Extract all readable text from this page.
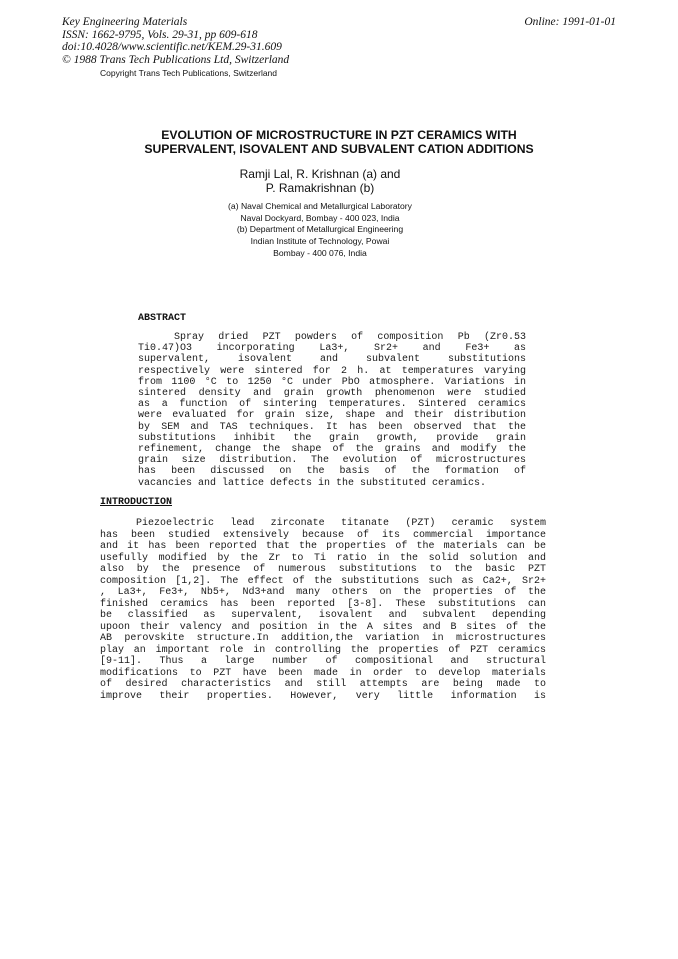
Key Engineering Materials
ISSN: 1662-9795, Vols. 29-31, pp 609-618
doi:10.4028/www.scientific.net/KEM.29-31.609
© 1988 Trans Tech Publications Ltd, Switzerland
Copyright Trans Tech Publications, Switzerland
Online: 1991-01-01
EVOLUTION OF MICROSTRUCTURE IN PZT CERAMICS WITH
SUPERVALENT, ISOVALENT AND SUBVALENT CATION ADDITIONS
Ramji Lal, R. Krishnan (a) and
P. Ramakrishnan (b)
(a) Naval Chemical and Metallurgical Laboratory
Naval Dockyard, Bombay - 400 023, India
(b) Department of Metallurgical Engineering
Indian Institute of Technology, Powai
Bombay - 400 076, India
ABSTRACT
Spray dried PZT powders of composition Pb (Zr0.53
Ti0.47)O3 incorporating La3+, Sr2+ and Fe3+ as
supervalent, isovalent and subvalent substitutions
respectively were sintered for 2 h. at temperatures varying
from 1100 °C to 1250 °C under PbO atmosphere. Variations in
sintered density and grain growth phenomenon were studied
as a function of sintering temperatures. Sintered ceramics
were evaluated for grain size, shape and their distribution
by SEM and TAS techniques. It has been observed that the
substitutions inhibit the grain growth, provide grain
refinement, change the shape of the grains and modify the
grain size distribution. The evolution of microstructures
has been discussed on the basis of the formation of
vacancies and lattice defects in the substituted ceramics.
INTRODUCTION
Piezoelectric lead zirconate titanate (PZT) ceramic system
has been studied extensively because of its commercial importance
and it has been reported that the properties of the materials can be
usefully modified by the Zr to Ti ratio in the solid solution and
also by the presence of numerous substitutions to the basic PZT
composition [1,2]. The effect of the substitutions such as Ca2+, Sr2+
, La3+, Fe3+, Nb5+, Nd3+and many others on the properties of the
finished ceramics has been reported [3-8]. These substitutions can
be classified as supervalent, isovalent and subvalent depending
upoon their valency and position in the A sites and B sites of the
AB perovskite structure.In addition,the variation in microstructures
play an important role in controlling the properties of PZT ceramics
[9-11]. Thus a large number of compositional and structural
modifications to PZT have been made in order to develop materials
of desired characteristics and still attempts are being made to
improve their properties. However, very little information is
